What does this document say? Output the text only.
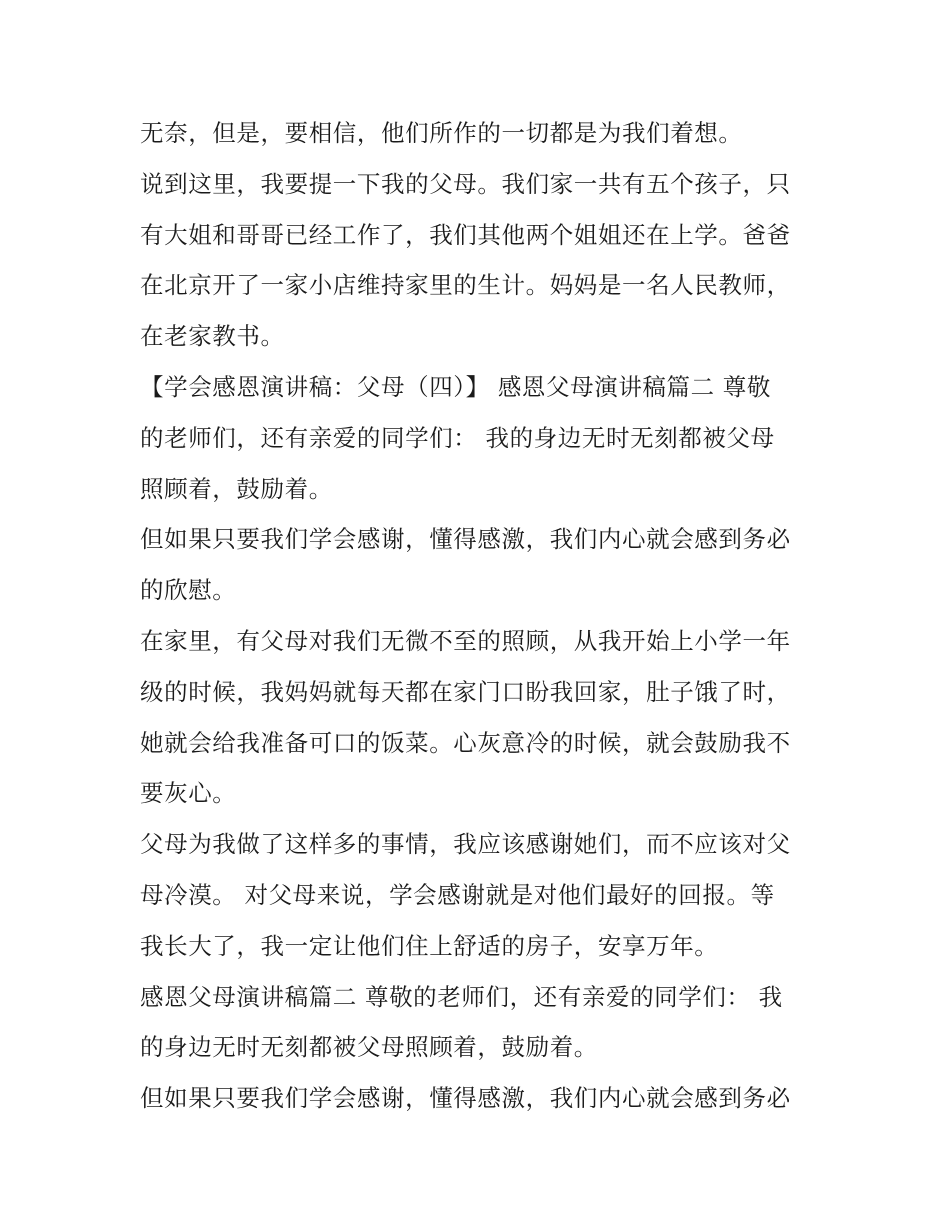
无奈，但是，要相信，他们所作的一切都是为我们着想。
说到这里，我要提一下我的父母。我们家一共有五个孩子，只
有大姐和哥哥已经工作了，我们其他两个姐姐还在上学。爸爸
在北京开了一家小店维持家里的生计。妈妈是一名人民教师，
在老家教书。
【学会感恩演讲稿：父母（四）】 感恩父母演讲稿篇二 尊敬
的老师们，还有亲爱的同学们： 我的身边无时无刻都被父母
照顾着，鼓励着。
但如果只要我们学会感谢，懂得感激，我们内心就会感到务必
的欣慰。
在家里，有父母对我们无微不至的照顾，从我开始上小学一年
级的时候，我妈妈就每天都在家门口盼我回家，肚子饿了时，
她就会给我准备可口的饭菜。心灰意冷的时候，就会鼓励我不
要灰心。
父母为我做了这样多的事情，我应该感谢她们，而不应该对父
母冷漠。 对父母来说，学会感谢就是对他们最好的回报。等
我长大了，我一定让他们住上舒适的房子，安享万年。
感恩父母演讲稿篇二 尊敬的老师们，还有亲爱的同学们： 我
的身边无时无刻都被父母照顾着，鼓励着。
但如果只要我们学会感谢，懂得感激，我们内心就会感到务必
